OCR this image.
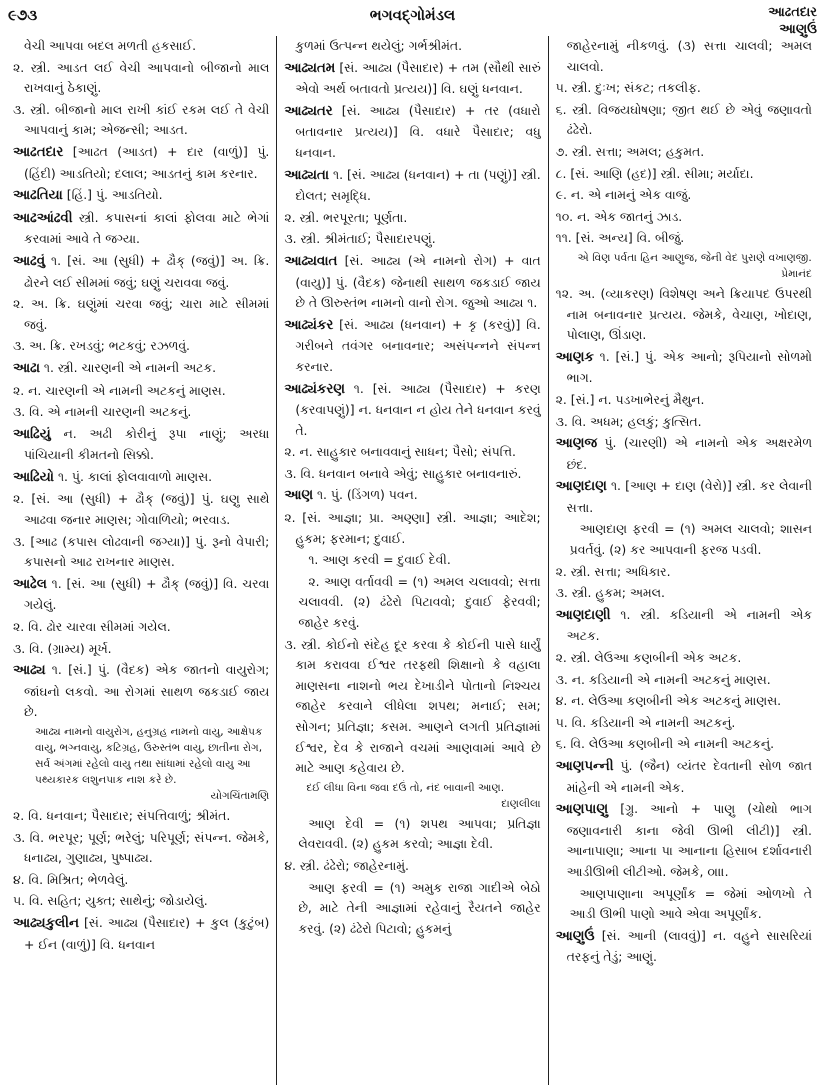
૯૭૩	ભગવદ્ગોમંડલ	આઢતદાર
આણુઉં
વેચી આપવા બદલ મળતી હકસાઈ.
૨. સ્ત્રી. આડત લઈ વેચી આપવાનો બીજાનો માલ રાખવાનું ઠેકાણું.
૩. સ્ત્રી. બીજાનો માલ રાખી કાંઈ રકમ લઈ તે વેચી આપવાનું કામ; એજન્સી; આડત.
આઢતદાર [આઢત (આડત) + દાર (વાળું)] પું. (હિંદી) આડતિયો; દલાલ; આડતનું કામ કરનાર.
આઢતિયા [હિં.] પું. આડતિયો.
આઢઆંઢવી સ્ત્રી. કપાસનાં કાલાં ફોલવા માટે ભેગાં કરવામાં આવે તે જગ્યા.
આઢવું ૧. [સં. આ (સુધી) + ઢૌક્ (જવું)] અ. ક્રિ. ઢોરને લઈ સીમમાં જવું; ઘણું ચરાવવા જવું.
૨. અ. ક્રિ. ઘણુંમાં ચરવા જવું; ચારા માટે સીમમાં જવું.
૩. અ. ક્રિ. રખડવું; ભટકવું; રઝળવું.
આઢા ૧. સ્ત્રી. ચારણની એ નામની અટક.
૨. ન. ચારણની એ નામની અટકનું માણસ.
૩. વિ. એ નામની ચારણની અટકનું.
આઢિયું ન. અઢી કોરીનું રૂપા નાણું; અરધા પાંચિયાની કીમતનો સિક્કો.
આઢિયો ૧. પું. કાલાં ફોલવાવાળો માણસ.
૨. [સં. આ (સુધી) + ઢૌક્ (જવું)] પું. ઘણુ સાથે આઢવા જનાર માણસ; ગોવાળિયો; ભરવાડ.
૩. [આઢ (કપાસ લોઢવાની જગ્યા)] પું. રૂનો વેપારી; કપાસનો આઢ રાખનાર માણસ.
આઢેલ ૧. [સં. આ (સુધી) + ઢૌક્ (જવું)] વિ. ચરવા ગયેલું.
૨. વિ. ઢોર ચારવા સીમમાં ગયેલ.
૩. વિ. (ગ્રામ્ય) મૂર્ખ.
આઢ્ય ૧. [સં.] પું. (વૈદક) એક જાતનો વાયુરોગ; જાંઘનો લકવો. આ રોગમાં સાથળ જકડાઈ જાય છે.
આઢ્ય નામનો વાયુરોગ, હનુગ્રહ નામનો વાયુ, આક્ષેપક વાયુ, ભગ્નવાયુ, કટિગ્રહ, ઉરુસ્તંભ વાયુ, છાતીના રોગ, સર્વ અંગમાં રહેલો વાયુ તથા સાંધામાં રહેલો વાયુ આ પથ્યકારક લશુનપાક નાશ કરે છે.
યોગચિંતામણિ
૨. વિ. ધનવાન; પૈસાદાર; સંપત્તિવાળું; શ્રીમંત.
૩. વિ. ભરપૂર; પૂર્ણ; ભરેલું; પરિપૂર્ણ; સંપન્ન. જેમકે, ધનાઢ્ય, ગુણાઢ્ય, પુષ્પાઢ્ય.
૪. વિ. મિશ્રિત; ભેળવેલું.
૫. વિ. સહિત; યુક્ત; સાથેનું; જોડાયેલું.
આઢ્યકુલીન [સં. આઢ્ય (પૈસાદાર) + કુલ (કુટુંબ) + ઈન (વાળું)] વિ. ધનવાન
કુળમાં ઉત્પન્ન થયેલું; ગર્ભશ્રીમંત.
આઢ્યતમ [સં. આઢ્ય (પૈસાદાર) + તમ (સૌથી સારું એવો અર્થ બતાવતો પ્રત્યય)] વિ. ઘણું ધનવાન.
આઢ્યતર [સં. આઢ્ય (પૈસાદાર) + તર (વધારો બતાવનાર પ્રત્યય)] વિ. વધારે પૈસાદાર; વધુ ધનવાન.
આઢ્યતા ૧. [સં. આઢ્ય (ધનવાન) + તા (પણું)] સ્ત્રી. દોલત; સમૃદ્ધિ.
૨. સ્ત્રી. ભરપૂરતા; પૂર્ણતા.
૩. સ્ત્રી. શ્રીમંતાઈ; પૈસાદારપણું.
આઢ્યવાત [સં. આઢ્ય (એ નામનો રોગ) + વાત (વાયુ)] પું. (વૈદક) જેનાથી સાથળ જકડાઈ જાય છે તે ઊરુસ્તંભ નામનો વાનો રોગ. જુઓ આઢ્ય ૧.
આઢ્યંકર [સં. આઢ્ય (ધનવાન) + કૃ (કરવું)] વિ. ગરીબને તવંગર બનાવનાર; અસંપન્નને સંપન્ન કરનાર.
આઢ્યંકરણ ૧. [સં. આઢ્ય (પૈસાદાર) + કરણ (કરવાપણું)] ન. ધનવાન ન હોય તેને ધનવાન કરવું તે.
૨. ન. સાહુકાર બનાવવાનું સાધન; પૈસો; સંપત્તિ.
૩. વિ. ધનવાન બનાવે એવું; સાહુકાર બનાવનારું.
આણ ૧. પું. (ડિંગળ) પવન.
૨. [સં. આજ્ઞા; પ્રા. અણ્ણા] સ્ત્રી. આજ્ઞા; આદેશ; હુકમ; ફરમાન; દુવાઈ.
૧. આણ કરવી = દુવાઈ દેવી.
૨. આણ વર્તાવવી = (૧) અમલ ચલાવવો; સત્તા ચલાવવી. (૨) ઢંઢેરો પિટાવવો; દુવાઈ ફેરવવી; જાહેર કરવું.
૩. સ્ત્રી. કોઈનો સંદેહ દૂર કરવા કે કોઈની પાસે ધાર્યું કામ કરાવવા ઈશ્વર તરફથી શિક્ષાનો કે વહાલા માણસના નાશનો ભય દેખાડીને પોતાનો નિશ્ચય જાહેર કરવાને લીધેલા શપથ; મનાઈ; સમ; સોગન; પ્રતિજ્ઞા; કસમ. આણને લગતી પ્રતિજ્ઞામાં ઈશ્વર, દેવ કે રાજાને વચમાં આણવામાં આવે છે માટે આણ કહેવાય છે.
દઈ લીધા વિના જવા દઉં તો, નંદ બાવાની આણ.
દાણલીલા
આણ દેવી = (૧) શપથ આપવા; પ્રતિજ્ઞા લેવરાવવી. (૨) હુકમ કરવો; આજ્ઞા દેવી.
૪. સ્ત્રી. ઢંઢેરો; જાહેરનામું.
આણ ફરવી = (૧) અમુક રાજા ગાદીએ બેઠો છે, માટે તેની આજ્ઞામાં રહેવાનું રૈયતને જાહેર કરવું. (૨) ઢંઢેરો પિટાવો; હુકમનું
જાહેરનામું નીકળવું. (૩) સત્તા ચાલવી; અમલ ચાલવો.
૫. સ્ત્રી. દુઃખ; સંકટ; તકલીફ.
૬. સ્ત્રી. વિજયઘોષણા; જીત થઈ છે એવું જણાવતો ઢંઢેરો.
૭. સ્ત્રી. સત્તા; અમલ; હકુમત.
૮. [સં. આણિ (હદ)] સ્ત્રી. સીમા; મર્યાદા.
૯. ન. એ નામનું એક વાજું.
૧૦. ન. એક જાતનું ઝાડ.
૧૧. [સં. અન્ય] વિ. બીજું.
એ વિણ પર્વતા હિન આણુજ, જેની વેદ પુરાણે વખાણજી.
પ્રેમાનંદ
૧૨. અ. (વ્યાકરણ) વિશેષણ અને ક્રિયાપદ ઉપરથી નામ બનાવનાર પ્રત્યય. જેમકે, વેચાણ, ખોદાણ, પોલાણ, ઊંડાણ.
આણક ૧. [સં.] પું. એક આનો; રૂપિયાનો સોળમો ભાગ.
૨. [સં.] ન. પડખાભેરનું મૈથુન.
૩. વિ. અધમ; હલકું; કુત્સિત.
આણજ પું. (ચારણી) એ નામનો એક અક્ષરમેળ છંદ.
આણદાણ ૧. [આણ + દાણ (વેરો)] સ્ત્રી. કર લેવાની સત્તા.
આણદાણ ફરવી = (૧) અમલ ચાલવો; શાસન પ્રવર્તવું. (૨) કર આપવાની ફરજ પડવી.
૨. સ્ત્રી. સત્તા; અધિકાર.
૩. સ્ત્રી. હુકમ; અમલ.
આણદાણી ૧. સ્ત્રી. કડિયાની એ નામની એક અટક.
૨. સ્ત્રી. લેઉઆ કણબીની એક અટક.
૩. ન. કડિયાની એ નામની અટકનું માણસ.
૪. ન. લેઉઆ કણબીની એક અટકનું માણસ.
૫. વિ. કડિયાની એ નામની અટકનું.
૬. વિ. લેઉઆ કણબીની એ નામની અટકનું.
આણપન્ની પું. (જૈન) વ્યંતર દેવતાની સોળ જાત માંહેની એ નામની એક.
આણપાણુ [ગ્રુ. આનો + પાણુ (ચોથો ભાગ જણાવનારી કાના જેવી ઊભી લીટી)] સ્ત્રી. આનાપાણા; આના પા આનાના હિસાબ દર્શાવનારી આડીઊભી લીટીઓ. જેમકે, ૦।॥.
આણપાણાના અપૂર્ણાંક = જેમાં ઓળખો તે આડી ઊભી પાણો આવે એવા અપૂર્ણાંક.
આણુઉં [સં. આની (લાવવું)] ન. વહુને સાસરિયાં તરફનું તેડું; આણું.
